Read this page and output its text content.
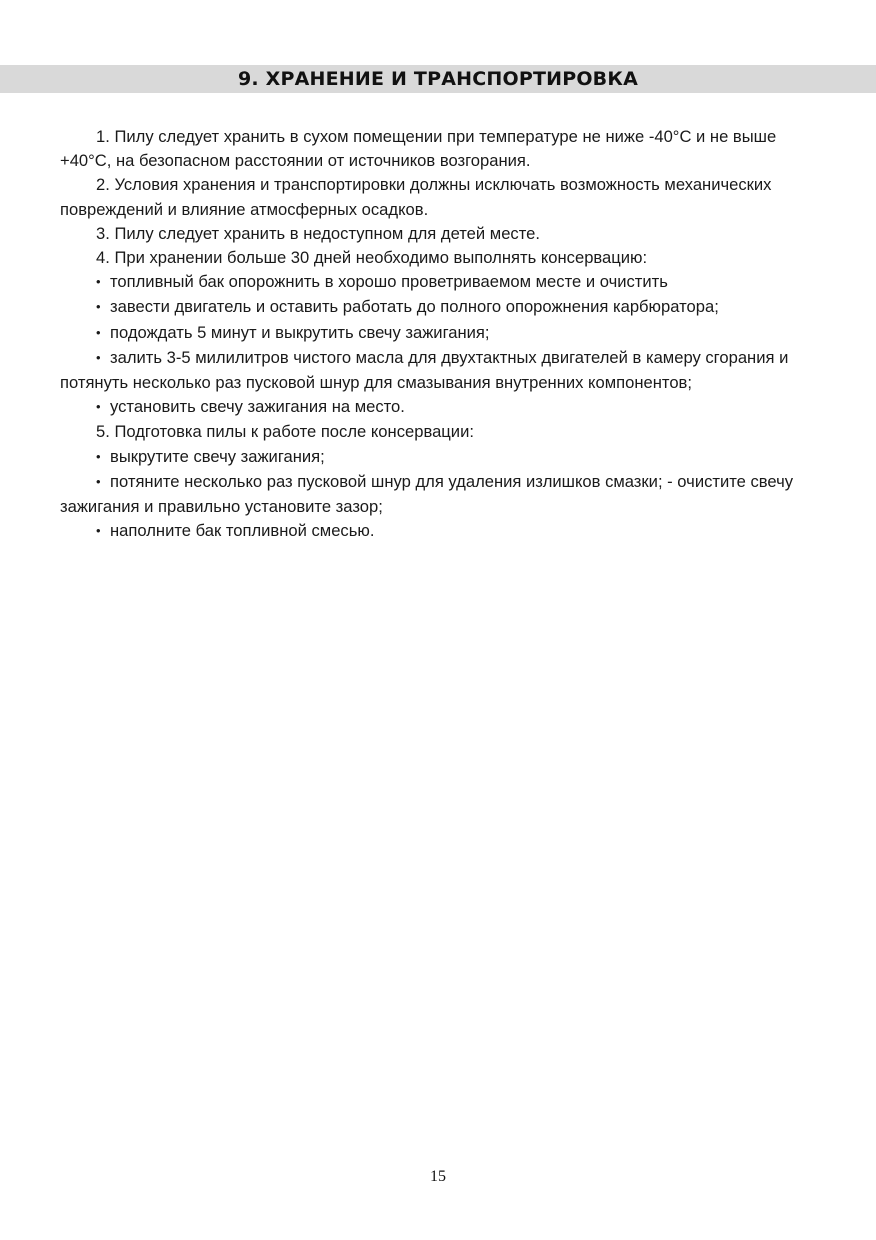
9. ХРАНЕНИЕ И ТРАНСПОРТИРОВКА

1. Пилу следует хранить в сухом помещении при температуре не ниже -40°С и не выше +40°С, на безопасном расстоянии от источников возгорания.

2. Условия хранения и транспортировки должны исключать возможность механических повреждений и влияние атмосферных осадков.

3. Пилу следует хранить в недоступном для детей месте.

4. При хранении больше 30 дней необходимо выполнять консервацию:

• топливный бак опорожнить в хорошо проветриваемом месте и очистить

• завести двигатель и оставить работать до полного опорожнения карбюратора;

• подождать 5 минут и выкрутить свечу зажигания;

• залить 3-5 милилитров чистого масла для двухтактных двигателей в камеру сгорания и потянуть несколько раз пусковой шнур для смазывания внутренних компонентов;

• установить свечу зажигания на место.

5. Подготовка пилы к работе после консервации:

• выкрутите свечу зажигания;

• потяните несколько раз пусковой шнур для удаления излишков смазки; - очистите свечу зажигания и правильно установите зазор;

• наполните бак топливной смесью.

15
